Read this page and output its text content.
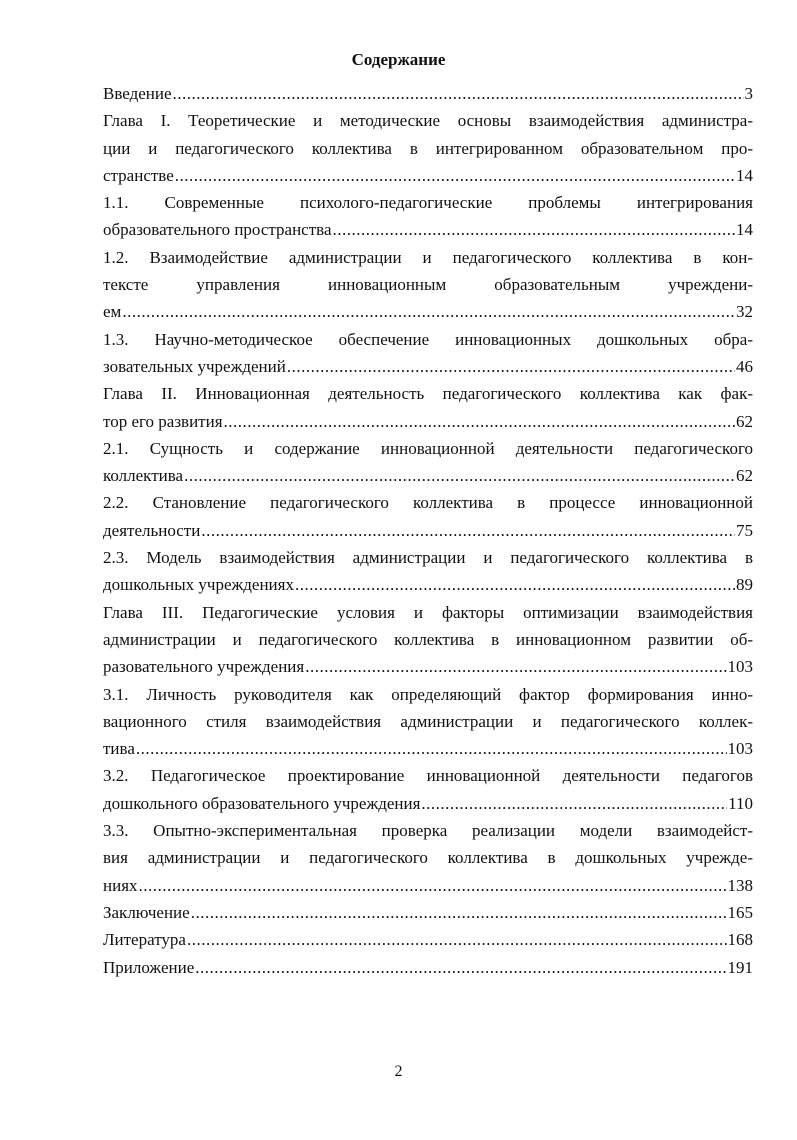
Содержание
Введение .....	3
Глава I. Теоретические и методические основы взаимодействия администра-
ции и педагогического коллектива в интегрированном образовательном про-
странстве .....	14
1.1. Современные психолого-педагогические проблемы интегрирования
образовательного пространства .....	14
1.2. Взаимодействие администрации и педагогического коллектива в кон-
тексте управления инновационным образовательным учреждени-
ем .....	32
1.3. Научно-методическое обеспечение инновационных дошкольных обра-
зовательных учреждений .....	46
Глава II. Инновационная деятельность педагогического коллектива как фак-
тор его развития .....	62
2.1. Сущность и содержание инновационной деятельности педагогического
коллектива .....	62
2.2. Становление педагогического коллектива в процессе инновационной
деятельности .....	75
2.3. Модель взаимодействия администрации и педагогического коллектива в
дошкольных учреждениях .....	89
Глава III. Педагогические условия и факторы оптимизации взаимодействия
администрации и педагогического коллектива в инновационном развитии об-
разовательного учреждения .....	103
3.1. Личность руководителя как определяющий фактор формирования инно-
вационного стиля взаимодействия администрации и педагогического коллек-
тива .....	103
3.2. Педагогическое проектирование инновационной деятельности педагогов
дошкольного образовательного учреждения .....	110
3.3. Опытно-экспериментальная проверка реализации модели взаимодейст-
вия администрации и педагогического коллектива в дошкольных учрежде-
ниях .....	138
Заключение .....	165
Литература .....	168
Приложение .....	191
2
